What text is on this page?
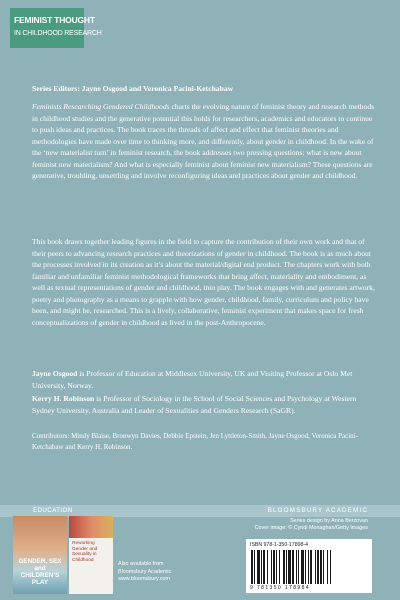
FEMINIST THOUGHT
IN CHILDHOOD RESEARCH
Series Editors: Jayne Osgood and Veronica Pacini-Ketchabaw
Feminists Researching Gendered Childhoods charts the evolving nature of feminist theory and research methods in childhood studies and the generative potential this holds for researchers, academics and educators to continue to push ideas and practices. The book traces the threads of affect and effect that feminist theories and methodologies have made over time to thinking more, and differently, about gender in childhood. In the wake of the ‘new materialist turn’ in feminist research, the book addresses two pressing questions: what is new about feminist new materialism? And what is especially feminist about feminist new materialism? These questions are generative, troubling, unsettling and involve reconfiguring ideas and practices about gender and childhood.
This book draws together leading figures in the field to capture the contribution of their own work and that of their peers to advancing research practices and theorizations of gender in childhood. The book is as much about the processes involved in its creation as it’s about the material/digital end product. The chapters work with both familiar and unfamiliar feminist methodological frameworks that bring affect, materiality and embodiment, as well as textual representations of gender and childhood, into play. The book engages with and generates artwork, poetry and photography as a means to grapple with how gender, childhood, family, curriculum and policy have been, and might be, researched. This is a lively, collaborative, feminist experiment that makes space for fresh conceptualizations of gender in childhood as lived in the post-Anthropocene.
Jayne Osgood is Professor of Education at Middlesex University, UK and Visiting Professor at Oslo Met University, Norway.
Kerry H. Robinson is Professor of Sociology in the School of Social Sciences and Psychology at Western Sydney University, Australia and Leader of Sexualities and Genders Research (SaGR).
Contributors: Mindy Blaise, Bronwyn Davies, Debbie Epstein, Jen Lyttleton-Smith, Jayne Osgood, Veronica Pacini-Ketchabaw and Kerry H. Robinson.
EDUCATION	BLOOMSBURY ACADEMIC
Series design by Anna Berzovan
Cover image: © Cyndi Monaghan/Getty Images
GENDER, SEX and CHILDREN’S PLAY
Reworking Gender and Sexuality in Childhood
Also available from
Bloomsbury Academic
www.bloomsbury.com
ISBN 978-1-350-17898-4
9 781350 178984
